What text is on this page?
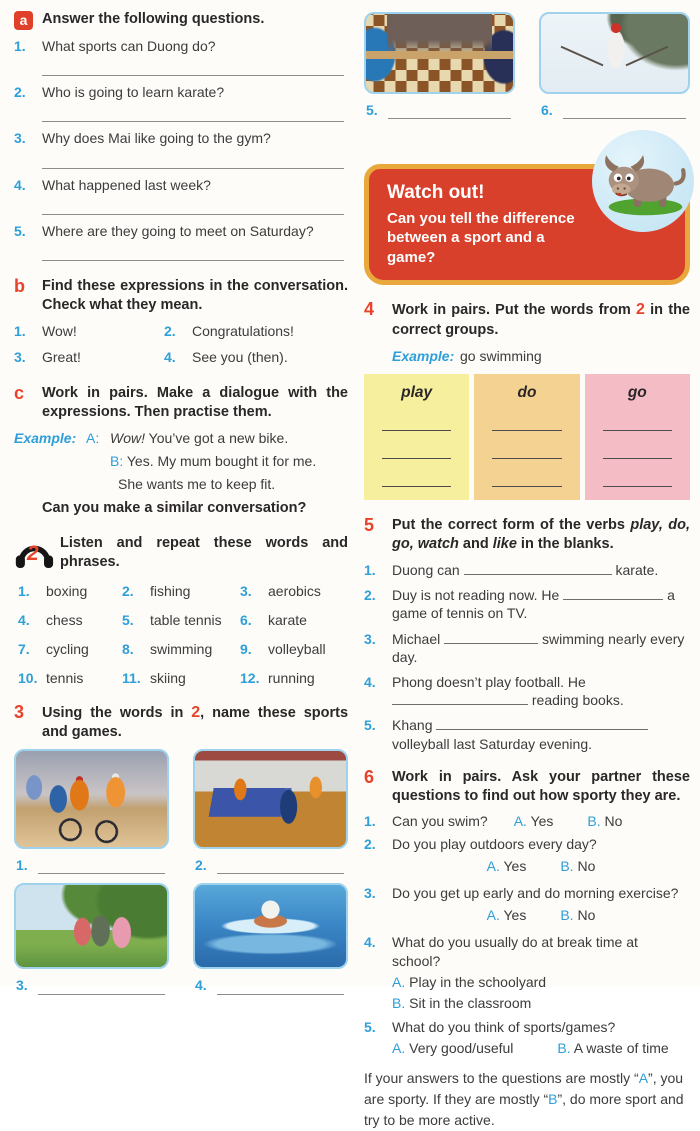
a	Answer the following questions.
1.	What sports can Duong do?
2.	Who is going to learn karate?
3.	Why does Mai like going to the gym?
4.	What happened last week?
5.	Where are they going to meet on Saturday?
b	Find these expressions in the conversation. Check what they mean.
1.	Wow!	2.	Congratulations!
3.	Great!	4.	See you (then).
c	Work in pairs. Make a dialogue with the expressions. Then practise them.
Example: A: Wow! You’ve got a new bike.
B: Yes. My mum bought it for me.
She wants me to keep fit.
Can you make a similar conversation?
2 Listen and repeat these words and phrases.
1.	boxing 2.	fishing	3.	aerobics
4.	chess	5.	table tennis 6.	karate
7.	cycling 8.	swimming 9.	volleyball
10. tennis	11. skiing	12. running
3	Using the words in 2, name these sports and games.
1.	2.
3.	4.
5.	6.

Watch out!

Can you tell the difference between a sport and a game?

4	Work in pairs. Put the words from 2 in the correct groups.
Example: go swimming
play	do	go
5	Put the correct form of the verbs play, do, go, watch and like in the blanks.
1.	Duong can	karate.
2.	Duy is not reading now. He	a game of tennis on TV.
3.	Michael	swimming nearly every day.
4.	Phong doesn’t play football. He  reading books.
5.	Khang  volleyball last Saturday evening.
6	Work in pairs. Ask your partner these questions to find out how sporty they are.
1.	Can you swim? A. Yes B. No
2.	Do you play outdoors every day?
A. Yes B. No
3.	Do you get up early and do morning exercise?
A. Yes B. No
4.	What do you usually do at break time at school?
A. Play in the schoolyard
B. Sit in the classroom
5.	What do you think of sports/games?
A. Very good/useful	B. A waste of time

If your answers to the questions are mostly “A”, you are sporty. If they are mostly “B”, do more sport and try to be more active.
